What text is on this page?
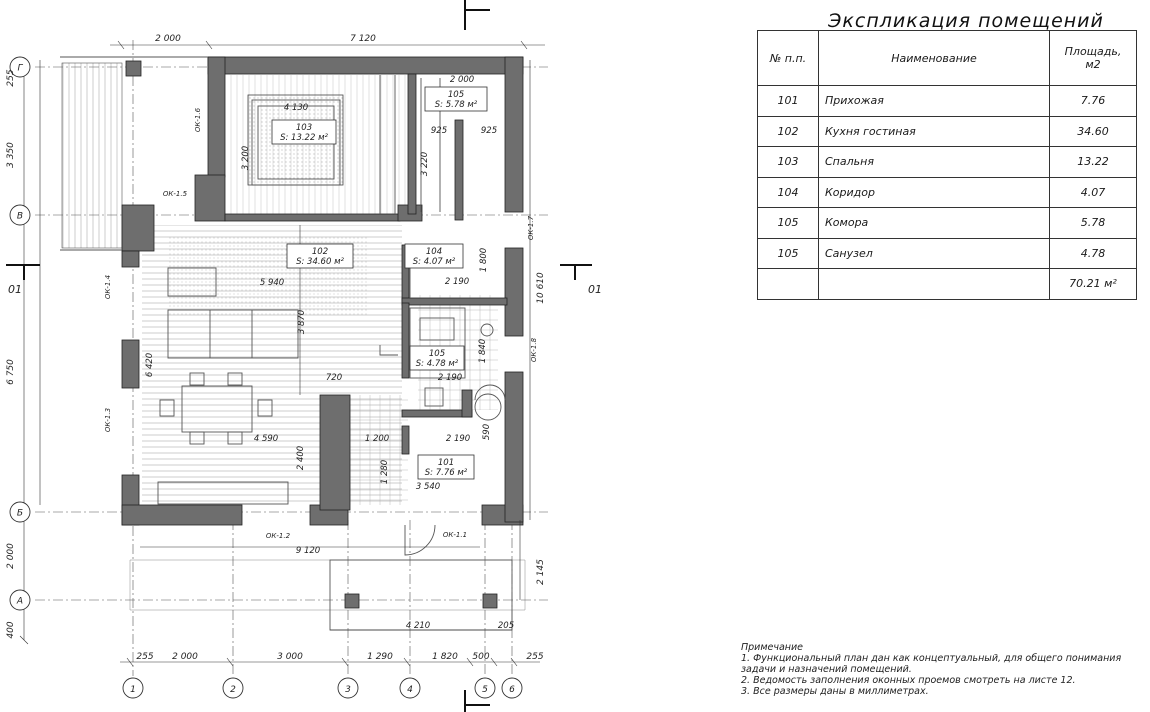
Г
В
Б
А
1	2	3	4	5 6
103
S: 13.22 м²
105
S: 5.78 м²
102
S: 34.60 м²
104
S: 4.07 м²
105
S: 4.78 м²
101
S: 7.76 м²
2 000	7 120
255 2 000	3 000	1 290	1 820 500	255
255
3 350
6 750
2 000
400
10 610
2 145
4 130
3 200
2 000
925	925
3 220
5 940
3 870
6 420
1 800
2 190
1 840
2 190
720
4 590	1 200	2 190 590
2 400
1 280
3 540
9 120
4 210	205
ОК-1.6
ОК-1.5
ОК-1.4
ОК-1.3
ОК-1.2	ОК-1.1
ОК-1.7
ОК-1.8
01	01
Экспликация помещений
№ п.п.	Наименование	Площадь, м2
101	Прихожая	7.76
102	Кухня гостиная	34.60
103	Спальня	13.22
104	Коридор	4.07
105	Комора	5.78
105	Санузел	4.78
		70.21 м²
Примечание
1. Функциональный план дан как концептуальный, для общего понимания
задачи и назначений помещений.
2. Ведомость заполнения оконных проемов смотреть на листе 12.
3. Все размеры даны в миллиметрах.
